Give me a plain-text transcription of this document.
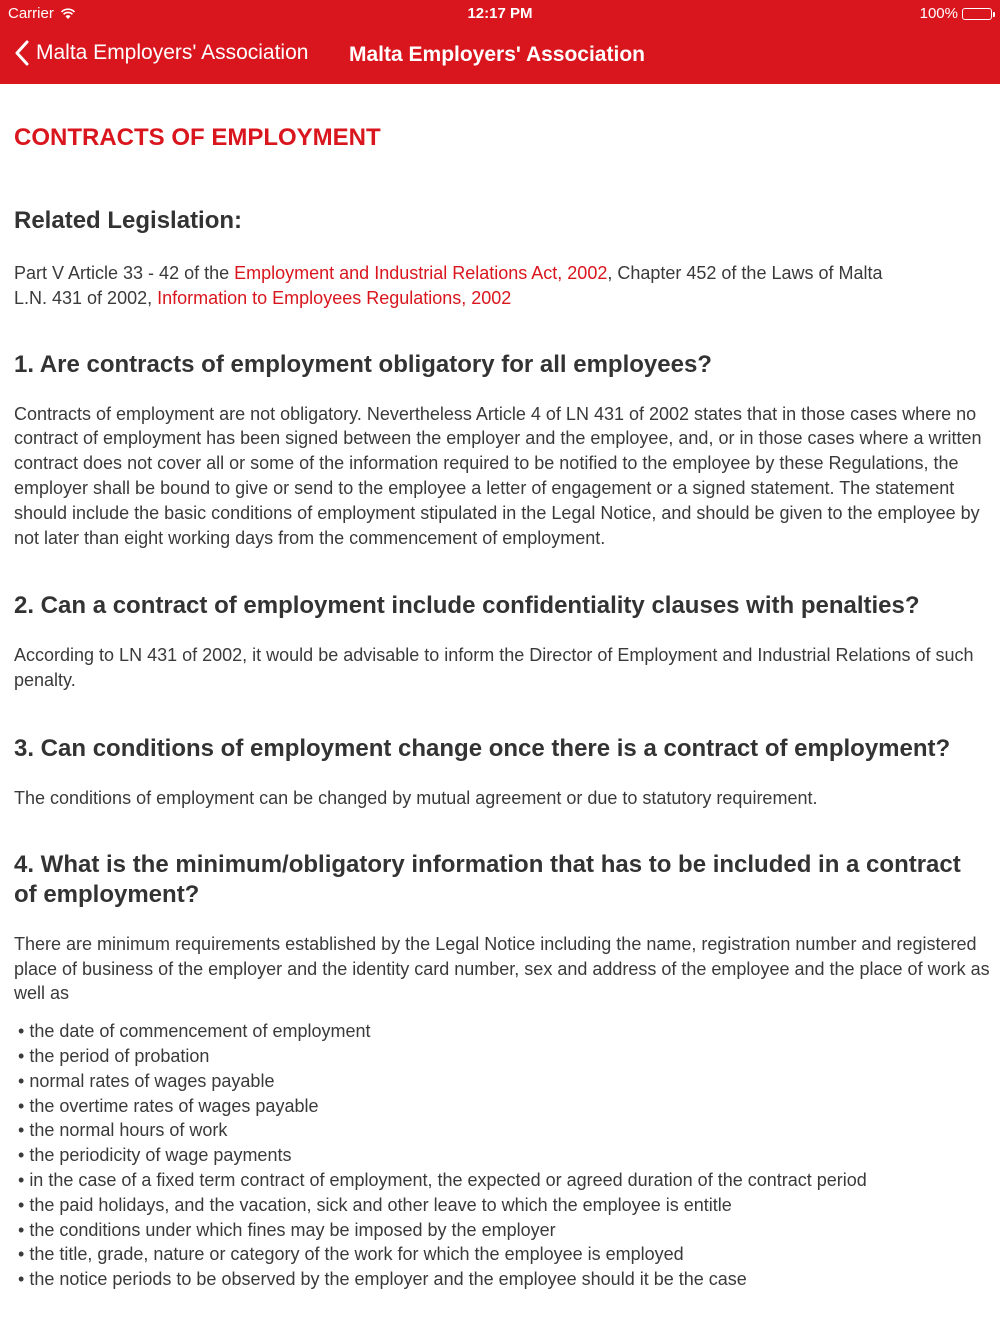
Carrier	12:17 PM	100%
Malta Employers' Association Malta Employers' Association
CONTRACTS OF EMPLOYMENT
Related Legislation:

Part V Article 33 - 42 of the Employment and Industrial Relations Act, 2002, Chapter 452 of the Laws of Malta
L.N. 431 of 2002, Information to Employees Regulations, 2002

1. Are contracts of employment obligatory for all employees?

Contracts of employment are not obligatory. Nevertheless Article 4 of LN 431 of 2002 states that in those cases where no contract of employment has been signed between the employer and the employee, and, or in those cases where a written contract does not cover all or some of the information required to be notified to the employee by these Regulations, the employer shall be bound to give or send to the employee a letter of engagement or a signed statement. The statement should include the basic conditions of employment stipulated in the Legal Notice, and should be given to the employee by not later than eight working days from the commencement of employment.

2. Can a contract of employment include confidentiality clauses with penalties?

According to LN 431 of 2002, it would be advisable to inform the Director of Employment and Industrial Relations of such penalty.

3. Can conditions of employment change once there is a contract of employment?

The conditions of employment can be changed by mutual agreement or due to statutory requirement.

4. What is the minimum/obligatory information that has to be included in a contract of employment?

There are minimum requirements established by the Legal Notice including the name, registration number and registered place of business of the employer and the identity card number, sex and address of the employee and the place of work as well as

• the date of commencement of employment
• the period of probation
• normal rates of wages payable
• the overtime rates of wages payable
• the normal hours of work
• the periodicity of wage payments
• in the case of a fixed term contract of employment, the expected or agreed duration of the contract period
• the paid holidays, and the vacation, sick and other leave to which the employee is entitle
• the conditions under which fines may be imposed by the employer
• the title, grade, nature or category of the work for which the employee is employed
• the notice periods to be observed by the employer and the employee should it be the case
